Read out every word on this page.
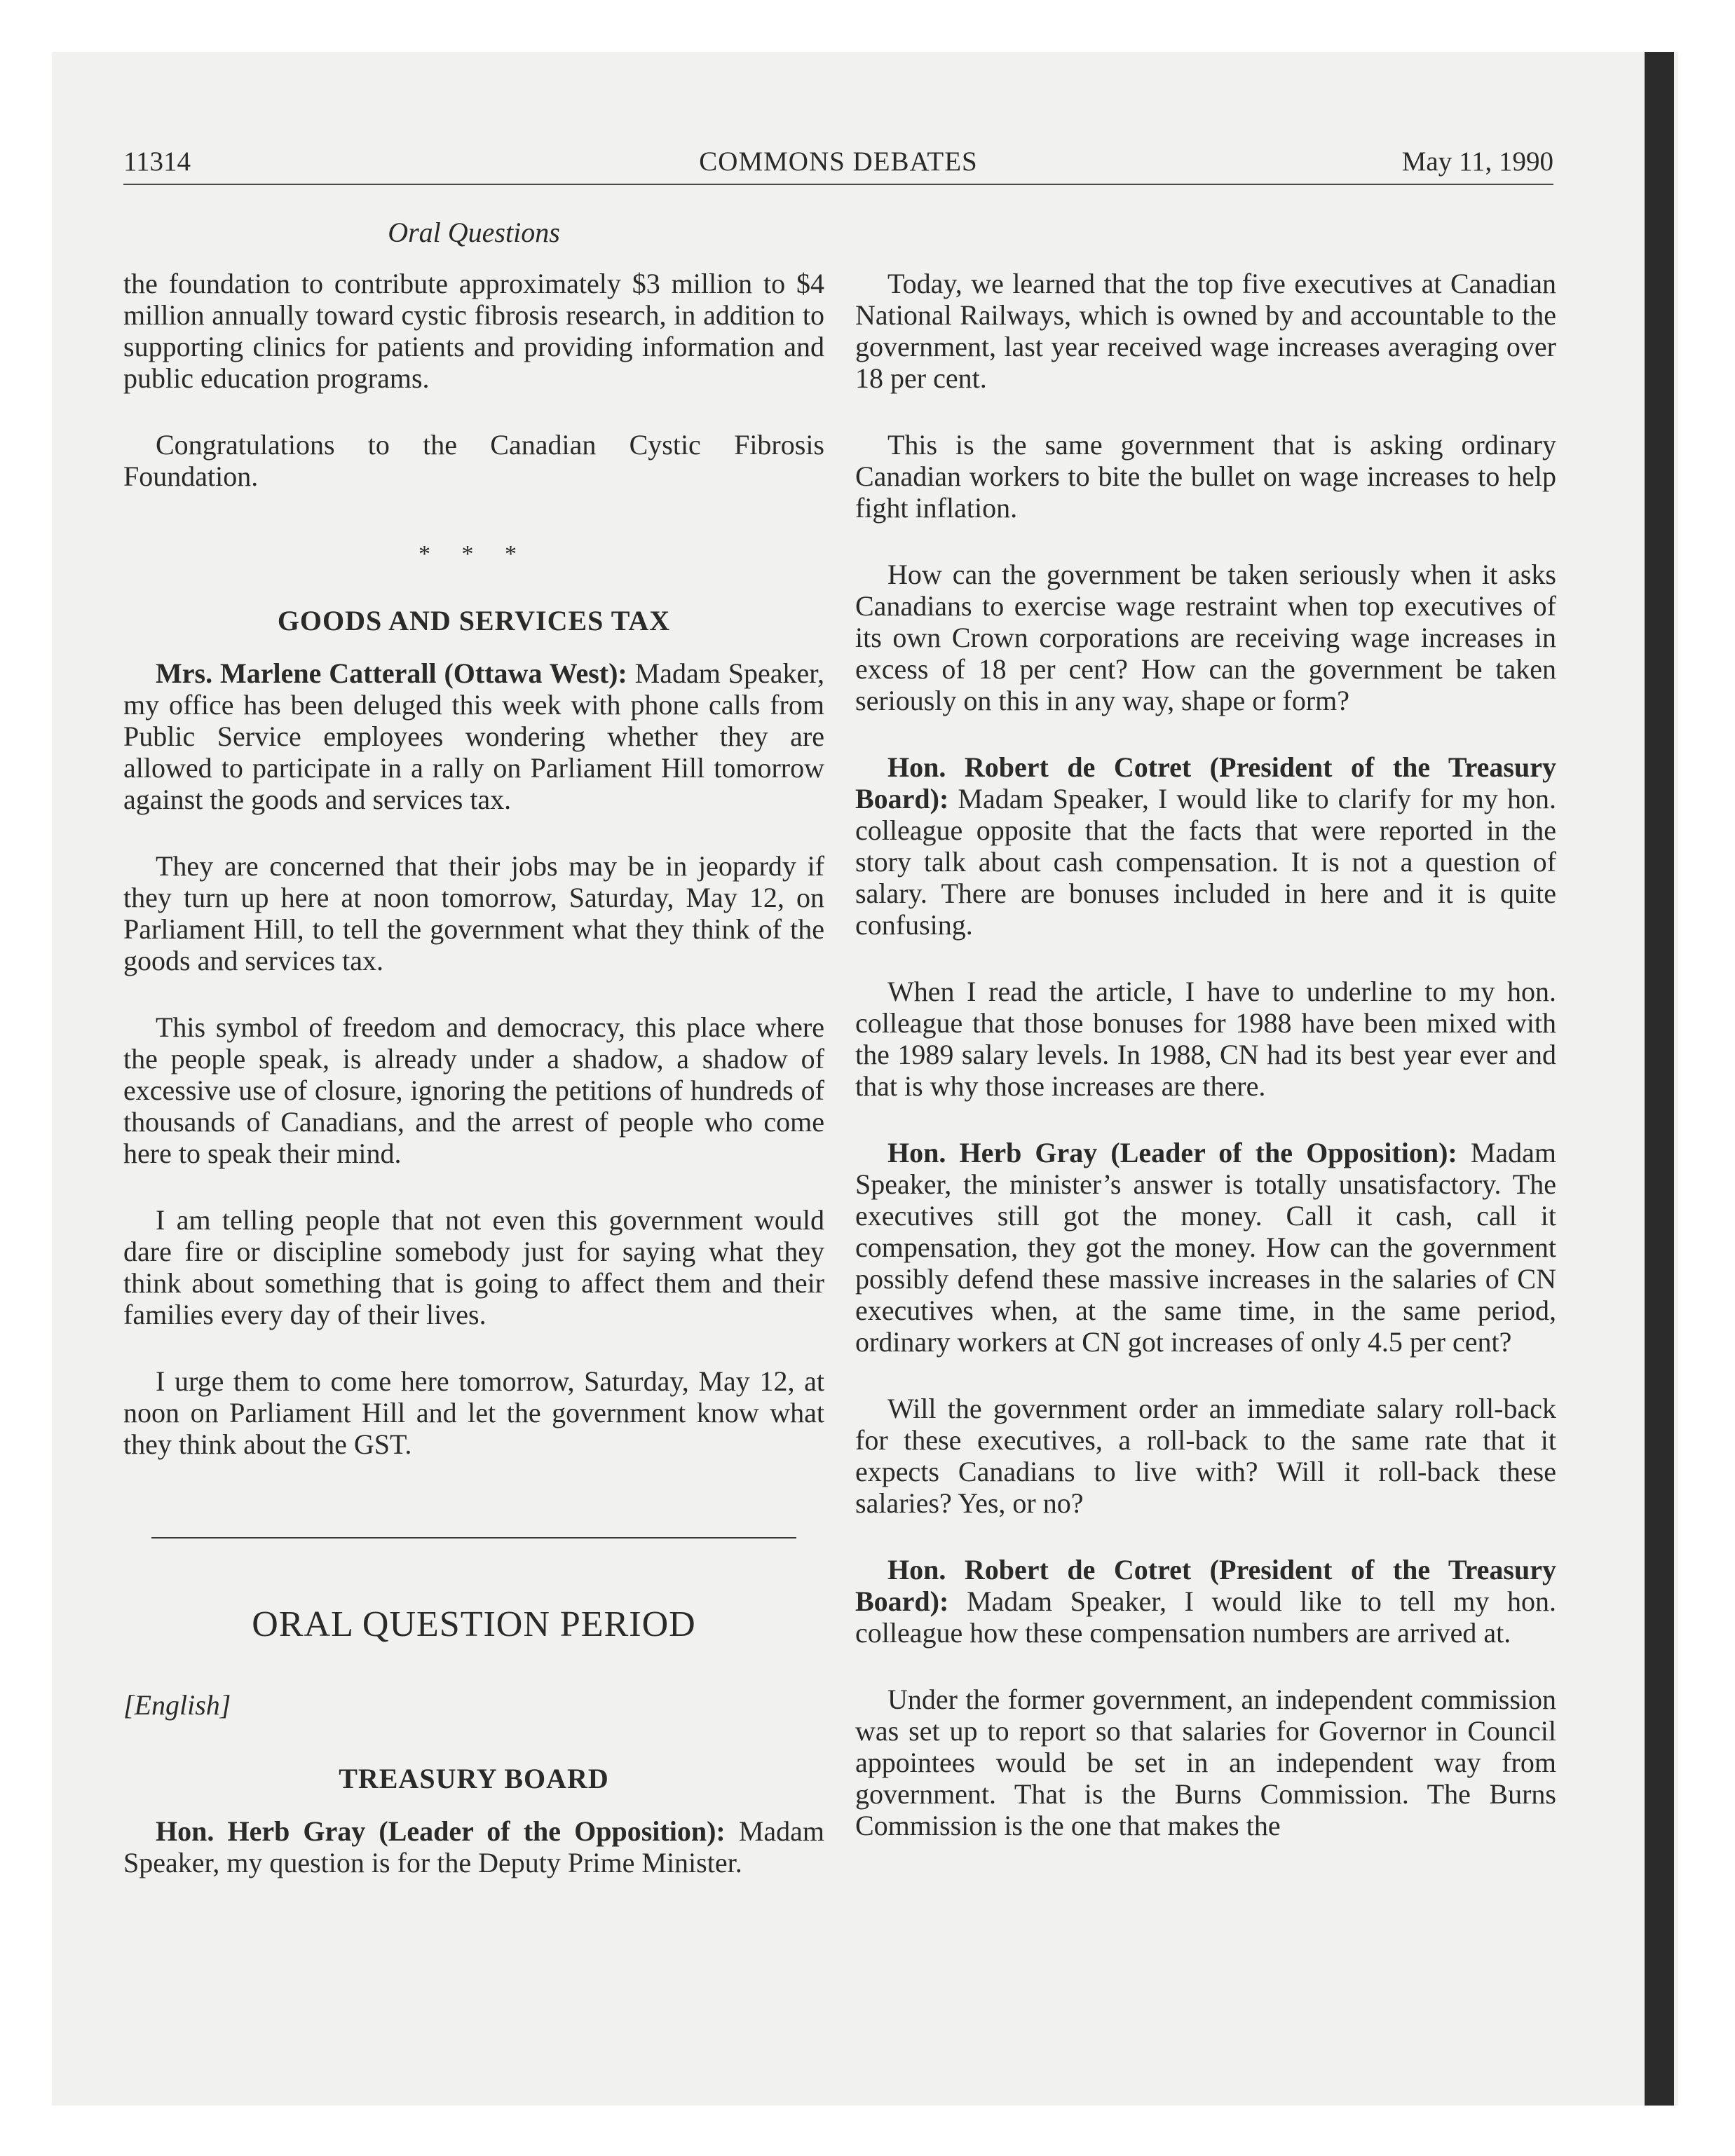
11314	COMMONS DEBATES	May 11, 1990
Oral Questions

the foundation to contribute approximately $3 million to $4 million annually toward cystic fibrosis research, in addition to supporting clinics for patients and providing information and public education programs.

Congratulations to the Canadian Cystic Fibrosis Foundation.

* * *
GOODS AND SERVICES TAX

Mrs. Marlene Catterall (Ottawa West): Madam Speaker, my office has been deluged this week with phone calls from Public Service employees wondering whether they are allowed to participate in a rally on Parliament Hill tomorrow against the goods and services tax.

They are concerned that their jobs may be in jeopardy if they turn up here at noon tomorrow, Saturday, May 12, on Parliament Hill, to tell the government what they think of the goods and services tax.

This symbol of freedom and democracy, this place where the people speak, is already under a shadow, a shadow of excessive use of closure, ignoring the petitions of hundreds of thousands of Canadians, and the arrest of people who come here to speak their mind.

I am telling people that not even this government would dare fire or discipline somebody just for saying what they think about something that is going to affect them and their families every day of their lives.

I urge them to come here tomorrow, Saturday, May 12, at noon on Parliament Hill and let the government know what they think about the GST.

ORAL QUESTION PERIOD
[English]
TREASURY BOARD

Hon. Herb Gray (Leader of the Opposition): Madam Speaker, my question is for the Deputy Prime Minister.

Today, we learned that the top five executives at Canadian National Railways, which is owned by and accountable to the government, last year received wage increases averaging over 18 per cent.

This is the same government that is asking ordinary Canadian workers to bite the bullet on wage increases to help fight inflation.

How can the government be taken seriously when it asks Canadians to exercise wage restraint when top executives of its own Crown corporations are receiving wage increases in excess of 18 per cent? How can the government be taken seriously on this in any way, shape or form?

Hon. Robert de Cotret (President of the Treasury Board): Madam Speaker, I would like to clarify for my hon. colleague opposite that the facts that were reported in the story talk about cash compensation. It is not a question of salary. There are bonuses included in here and it is quite confusing.

When I read the article, I have to underline to my hon. colleague that those bonuses for 1988 have been mixed with the 1989 salary levels. In 1988, CN had its best year ever and that is why those increases are there.

Hon. Herb Gray (Leader of the Opposition): Madam Speaker, the minister’s answer is totally unsatisfactory. The executives still got the money. Call it cash, call it compensation, they got the money. How can the government possibly defend these massive increases in the salaries of CN executives when, at the same time, in the same period, ordinary workers at CN got increases of only 4.5 per cent?

Will the government order an immediate salary roll-back for these executives, a roll-back to the same rate that it expects Canadians to live with? Will it roll-back these salaries? Yes, or no?

Hon. Robert de Cotret (President of the Treasury Board): Madam Speaker, I would like to tell my hon. colleague how these compensation numbers are arrived at.

Under the former government, an independent commission was set up to report so that salaries for Governor in Council appointees would be set in an independent way from government. That is the Burns Commission. The Burns Commission is the one that makes the
